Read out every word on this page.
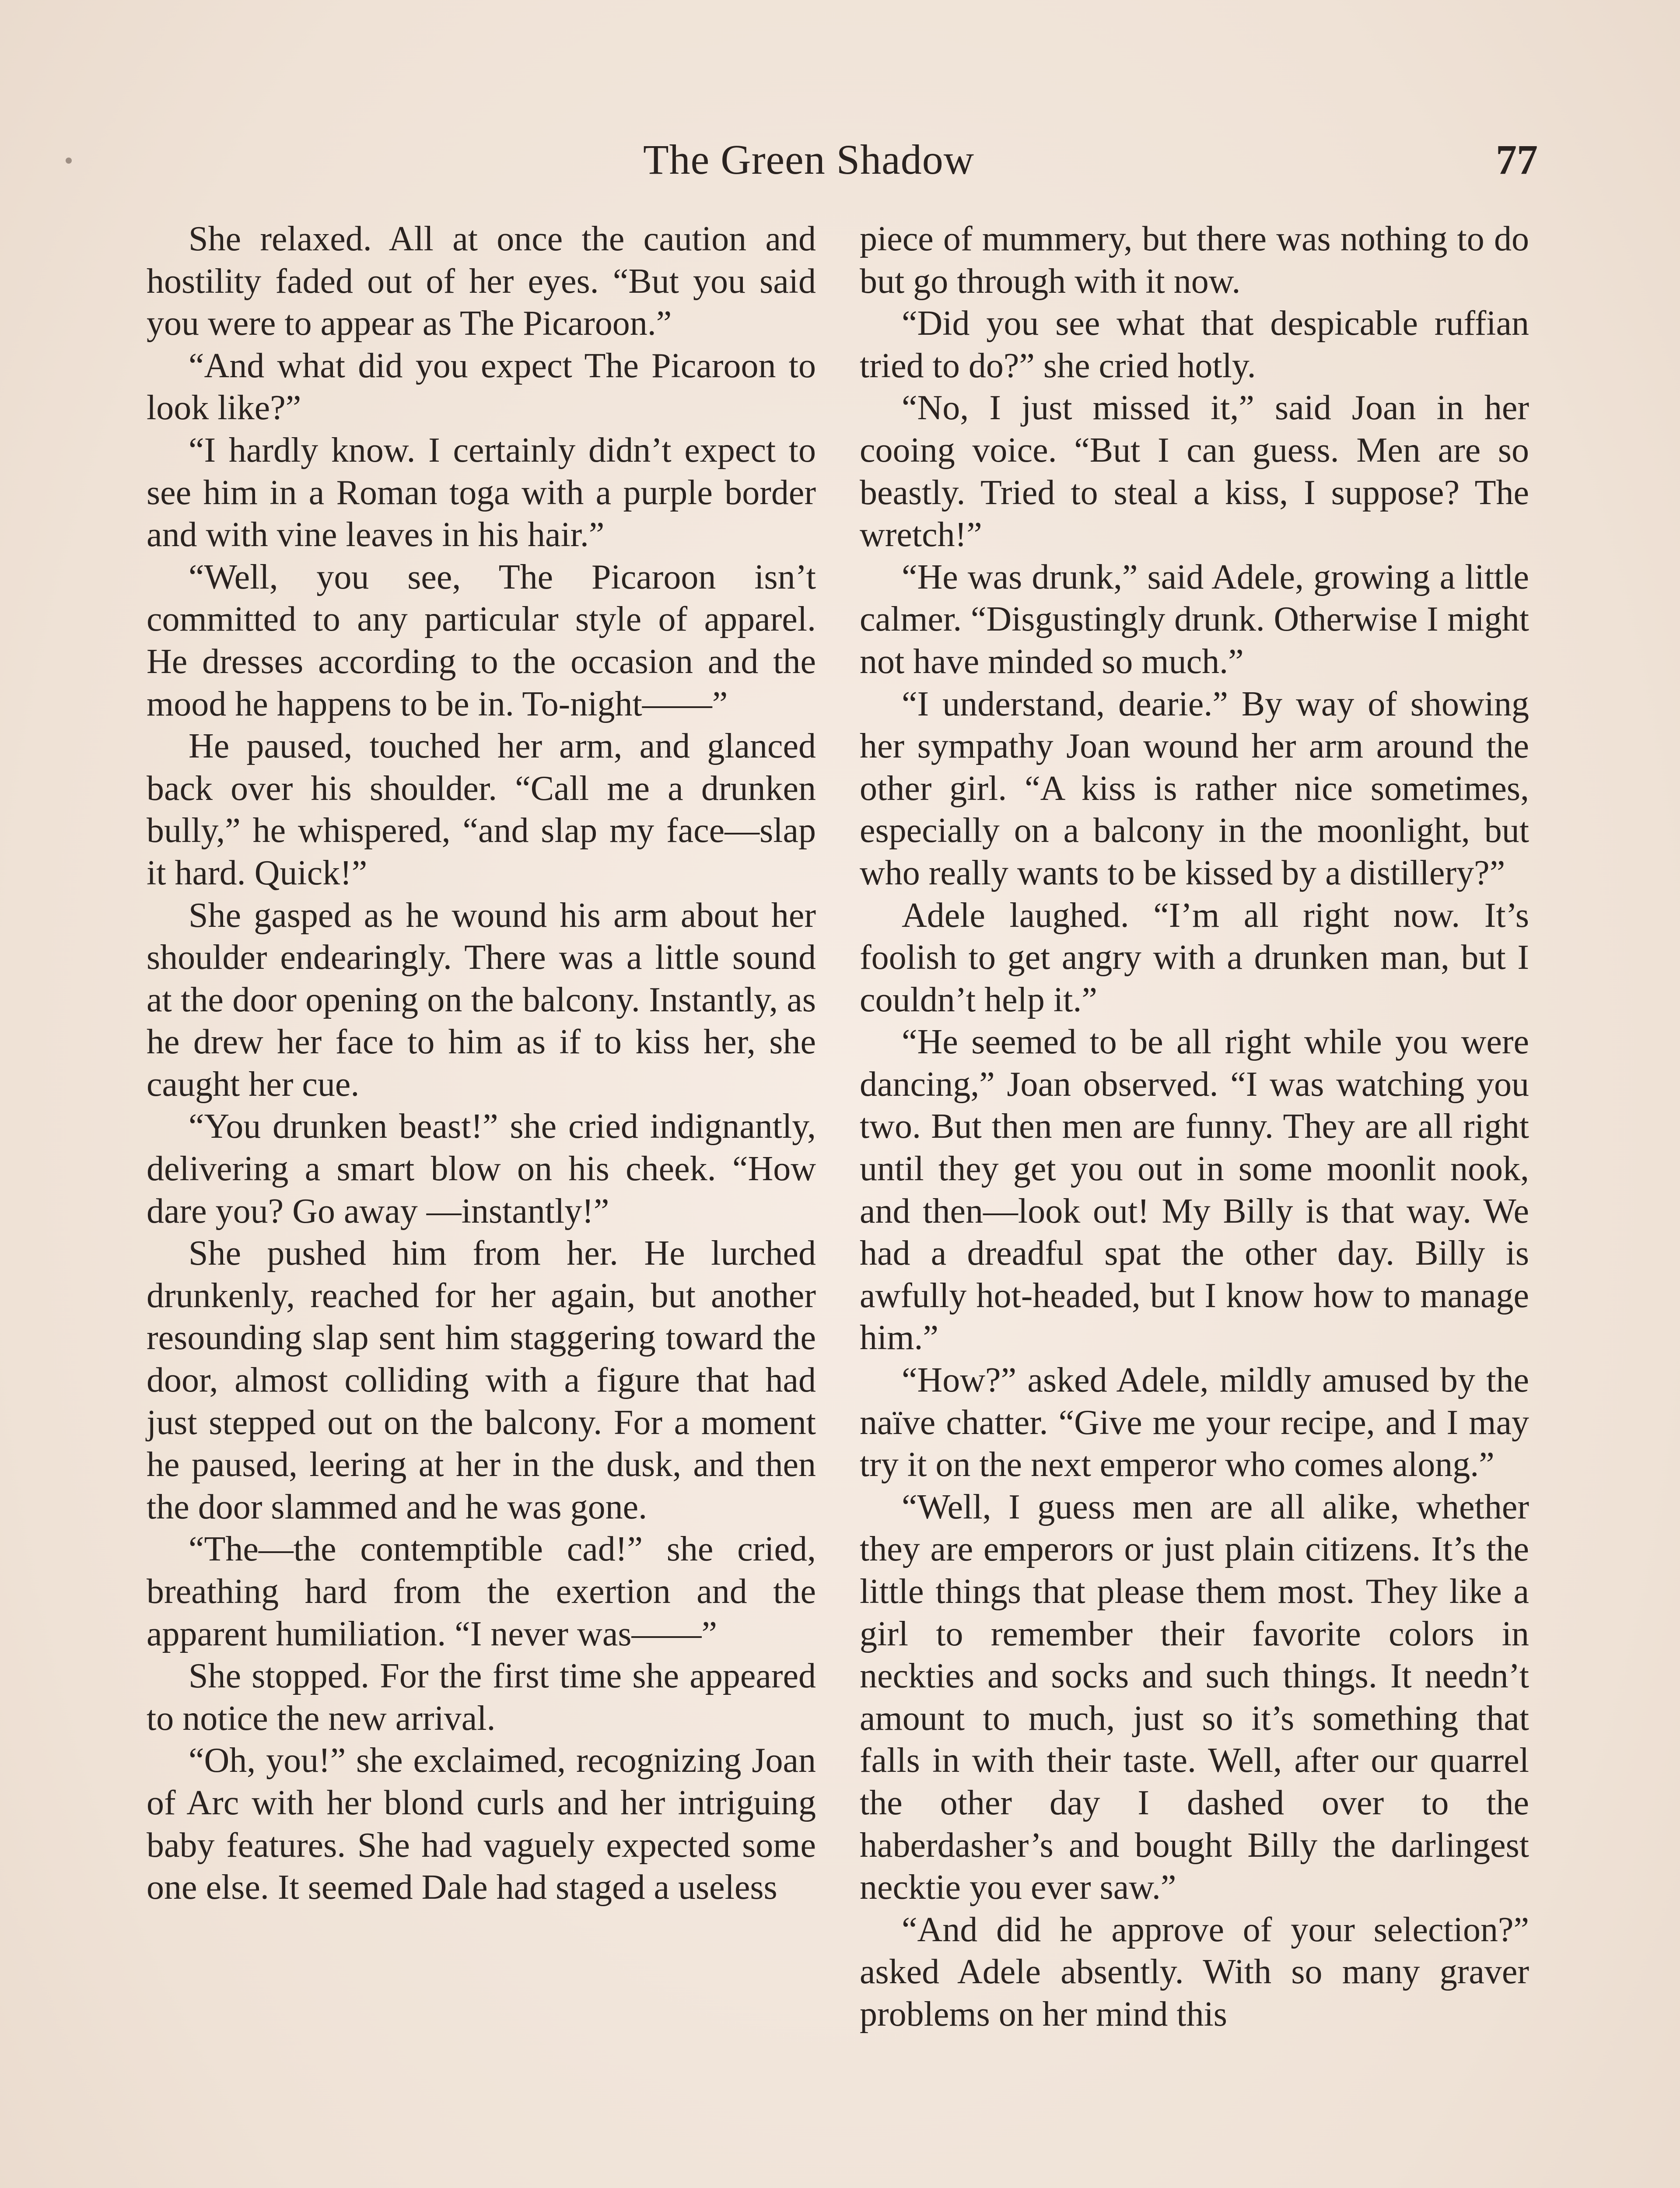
The Green Shadow	77

She relaxed. All at once the caution and hostility faded out of her eyes. “But you said you were to appear as The Picaroon.”

“And what did you expect The Picaroon to look like?”

“I hardly know. I certainly didn’t expect to see him in a Roman toga with a purple border and with vine leaves in his hair.”

“Well, you see, The Picaroon isn’t committed to any particular style of apparel. He dresses according to the occasion and the mood he happens to be in. To-night——”

He paused, touched her arm, and glanced back over his shoulder. “Call me a drunken bully,” he whispered, “and slap my face—slap it hard. Quick!”

She gasped as he wound his arm about her shoulder endearingly. There was a little sound at the door opening on the balcony. Instantly, as he drew her face to him as if to kiss her, she caught her cue.

“You drunken beast!” she cried indignantly, delivering a smart blow on his cheek. “How dare you? Go away —instantly!”

She pushed him from her. He lurched drunkenly, reached for her again, but another resounding slap sent him staggering toward the door, almost colliding with a figure that had just stepped out on the balcony. For a moment he paused, leering at her in the dusk, and then the door slammed and he was gone.

“The—the contemptible cad!” she cried, breathing hard from the exertion and the apparent humiliation. “I never was——”

She stopped. For the first time she appeared to notice the new arrival.

“Oh, you!” she exclaimed, recognizing Joan of Arc with her blond curls and her intriguing baby features. She had vaguely expected some one else. It seemed Dale had staged a useless

piece of mummery, but there was nothing to do but go through with it now.

“Did you see what that despicable ruffian tried to do?” she cried hotly.

“No, I just missed it,” said Joan in her cooing voice. “But I can guess. Men are so beastly. Tried to steal a kiss, I suppose? The wretch!”

“He was drunk,” said Adele, growing a little calmer. “Disgustingly drunk. Otherwise I might not have minded so much.”

“I understand, dearie.” By way of showing her sympathy Joan wound her arm around the other girl. “A kiss is rather nice sometimes, especially on a balcony in the moonlight, but who really wants to be kissed by a distillery?”

Adele laughed. “I’m all right now. It’s foolish to get angry with a drunken man, but I couldn’t help it.”

“He seemed to be all right while you were dancing,” Joan observed. “I was watching you two. But then men are funny. They are all right until they get you out in some moonlit nook, and then—look out! My Billy is that way. We had a dreadful spat the other day. Billy is awfully hot-headed, but I know how to manage him.”

“How?” asked Adele, mildly amused by the naïve chatter. “Give me your recipe, and I may try it on the next emperor who comes along.”

“Well, I guess men are all alike, whether they are emperors or just plain citizens. It’s the little things that please them most. They like a girl to remember their favorite colors in neckties and socks and such things. It needn’t amount to much, just so it’s something that falls in with their taste. Well, after our quarrel the other day I dashed over to the haberdasher’s and bought Billy the darlingest necktie you ever saw.”

“And did he approve of your selection?” asked Adele absently. With so many graver problems on her mind this
